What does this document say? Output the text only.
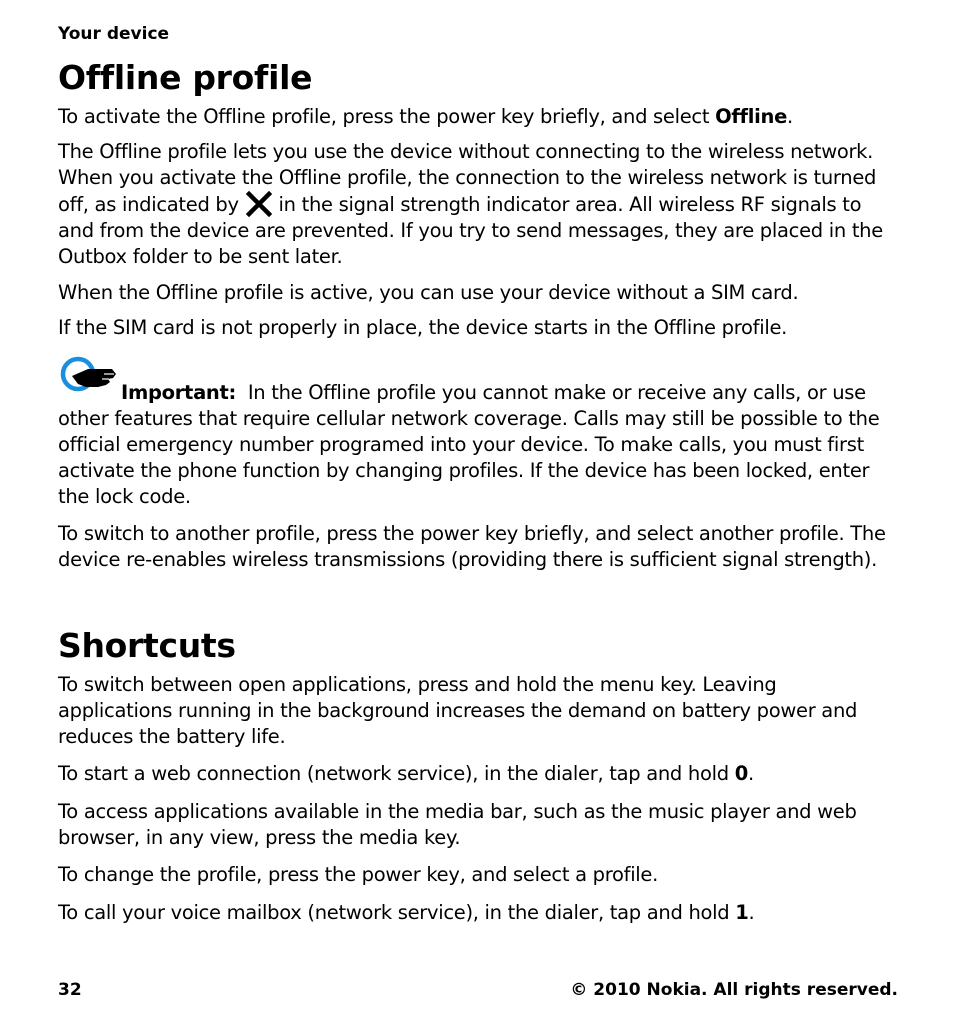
Your device
Offline profile

To activate the Offline profile, press the power key briefly, and select Offline.

The Offline profile lets you use the device without connecting to the wireless network. When you activate the Offline profile, the connection to the wireless network is turned off, as indicated by  in the signal strength indicator area. All wireless RF signals to and from the device are prevented. If you try to send messages, they are placed in the Outbox folder to be sent later.

When the Offline profile is active, you can use your device without a SIM card.

If the SIM card is not properly in place, the device starts in the Offline profile.

Important: In the Offline profile you cannot make or receive any calls, or use other features that require cellular network coverage. Calls may still be possible to the official emergency number programed into your device. To make calls, you must first activate the phone function by changing profiles. If the device has been locked, enter the lock code.

To switch to another profile, press the power key briefly, and select another profile. The device re-enables wireless transmissions (providing there is sufficient signal strength).

Shortcuts

To switch between open applications, press and hold the menu key. Leaving applications running in the background increases the demand on battery power and reduces the battery life.

To start a web connection (network service), in the dialer, tap and hold 0.

To access applications available in the media bar, such as the music player and web browser, in any view, press the media key.

To change the profile, press the power key, and select a profile.

To call your voice mailbox (network service), in the dialer, tap and hold 1.

32	© 2010 Nokia. All rights reserved.
